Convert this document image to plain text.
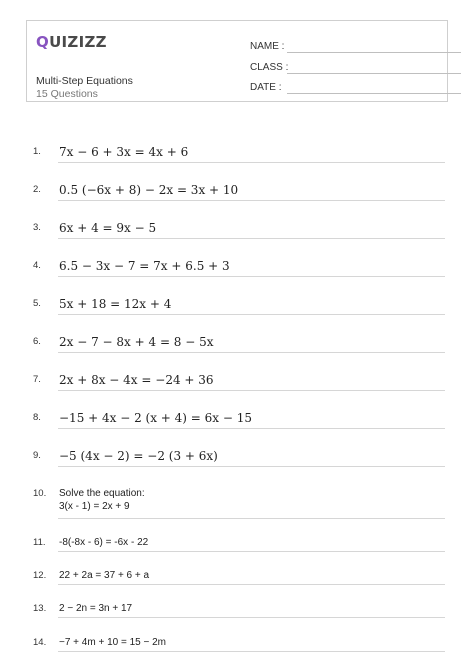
QUIZIZZ
Multi-Step Equations
15 Questions
NAME :
CLASS :
DATE :
1. 7x − 6 + 3x = 4x + 6
2. 0.5 (−6x + 8) − 2x = 3x + 10
3. 6x + 4 = 9x − 5
4. 6.5 − 3x − 7 = 7x + 6.5 + 3
5. 5x + 18 = 12x + 4
6. 2x − 7 − 8x + 4 = 8 − 5x
7. 2x + 8x − 4x = −24 + 36
8. −15 + 4x − 2 (x + 4) = 6x − 15
9. −5 (4x − 2) = −2 (3 + 6x)
10. Solve the equation:
3(x - 1) = 2x + 9
11. -8(-8x - 6) = -6x - 22
12. 22 + 2a = 37 + 6 + a
13. 2 − 2n = 3n + 17
14. −7 + 4m + 10 = 15 − 2m
